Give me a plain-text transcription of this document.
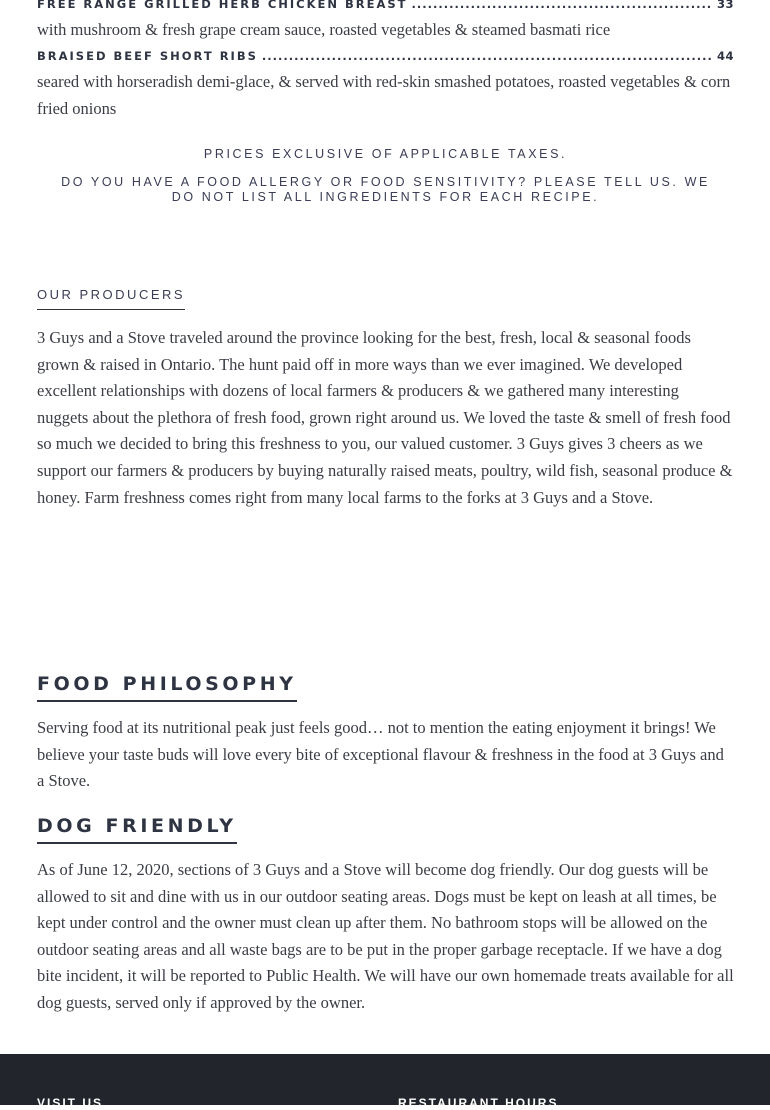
FREE RANGE GRILLED HERB CHICKEN BREAST .....	33
with mushroom & fresh grape cream sauce, roasted vegetables & steamed basmati rice
BRAISED BEEF SHORT RIBS .....	44
seared with horseradish demi-glace, & served with red-skin smashed potatoes, roasted vegetables & corn fried onions
PRICES EXCLUSIVE OF APPLICABLE TAXES.
DO YOU HAVE A FOOD ALLERGY OR FOOD SENSITIVITY? PLEASE TELL US. WE DO NOT LIST ALL INGREDIENTS FOR EACH RECIPE.
OUR PRODUCERS

3 Guys and a Stove traveled around the province looking for the best, fresh, local & seasonal foods grown & raised in Ontario. The hunt paid off in more ways than we ever imagined. We developed excellent relationships with dozens of local farmers & producers & we gathered many interesting nuggets about the plethora of fresh food, grown right around us. We loved the taste & smell of fresh food so much we decided to bring this freshness to you, our valued customer. 3 Guys gives 3 cheers as we support our farmers & producers by buying naturally raised meats, poultry, wild fish, seasonal produce & honey. Farm freshness comes right from many local farms to the forks at 3 Guys and a Stove.

FOOD PHILOSOPHY

Serving food at its nutritional peak just feels good… not to mention the eating enjoyment it brings! We believe your taste buds will love every bite of exceptional flavour & freshness in the food at 3 Guys and a Stove.

DOG FRIENDLY

As of June 12, 2020, sections of 3 Guys and a Stove will become dog friendly. Our dog guests will be allowed to sit and dine with us in our outdoor seating areas. Dogs must be kept on leash at all times, be kept under control and the owner must clean up after them. No bathroom stops will be allowed on the outdoor seating areas and all waste bags are to be put in the proper garbage receptacle. If we have a dog bite incident, it will be reported to Public Health. We will have our own homemade treats available for all dog guests, served only if approved by the owner.

VISIT US	RESTAURANT HOURS
